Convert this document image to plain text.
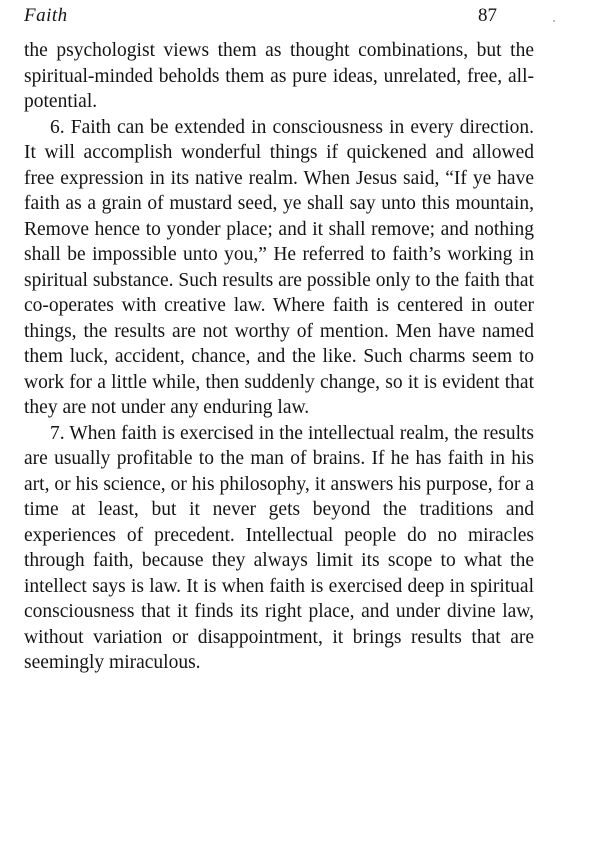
Faith	87

the psychologist views them as thought combinations, but the spiritual-minded beholds them as pure ideas, unrelated, free, all-potential.

6. Faith can be extended in consciousness in every direction. It will accomplish wonderful things if quickened and allowed free expression in its native realm. When Jesus said, “If ye have faith as a grain of mustard seed, ye shall say unto this mountain, Remove hence to yonder place; and it shall remove; and nothing shall be impossible unto you,” He referred to faith’s working in spiritual substance. Such results are possible only to the faith that co-operates with creative law. Where faith is centered in outer things, the results are not worthy of mention. Men have named them luck, accident, chance, and the like. Such charms seem to work for a little while, then suddenly change, so it is evident that they are not under any enduring law.

7. When faith is exercised in the intellectual realm, the results are usually profitable to the man of brains. If he has faith in his art, or his science, or his philosophy, it answers his purpose, for a time at least, but it never gets beyond the traditions and experiences of precedent. Intellectual people do no miracles through faith, because they always limit its scope to what the intellect says is law. It is when faith is exercised deep in spiritual consciousness that it finds its right place, and under divine law, without variation or disappointment, it brings results that are seemingly miraculous.
